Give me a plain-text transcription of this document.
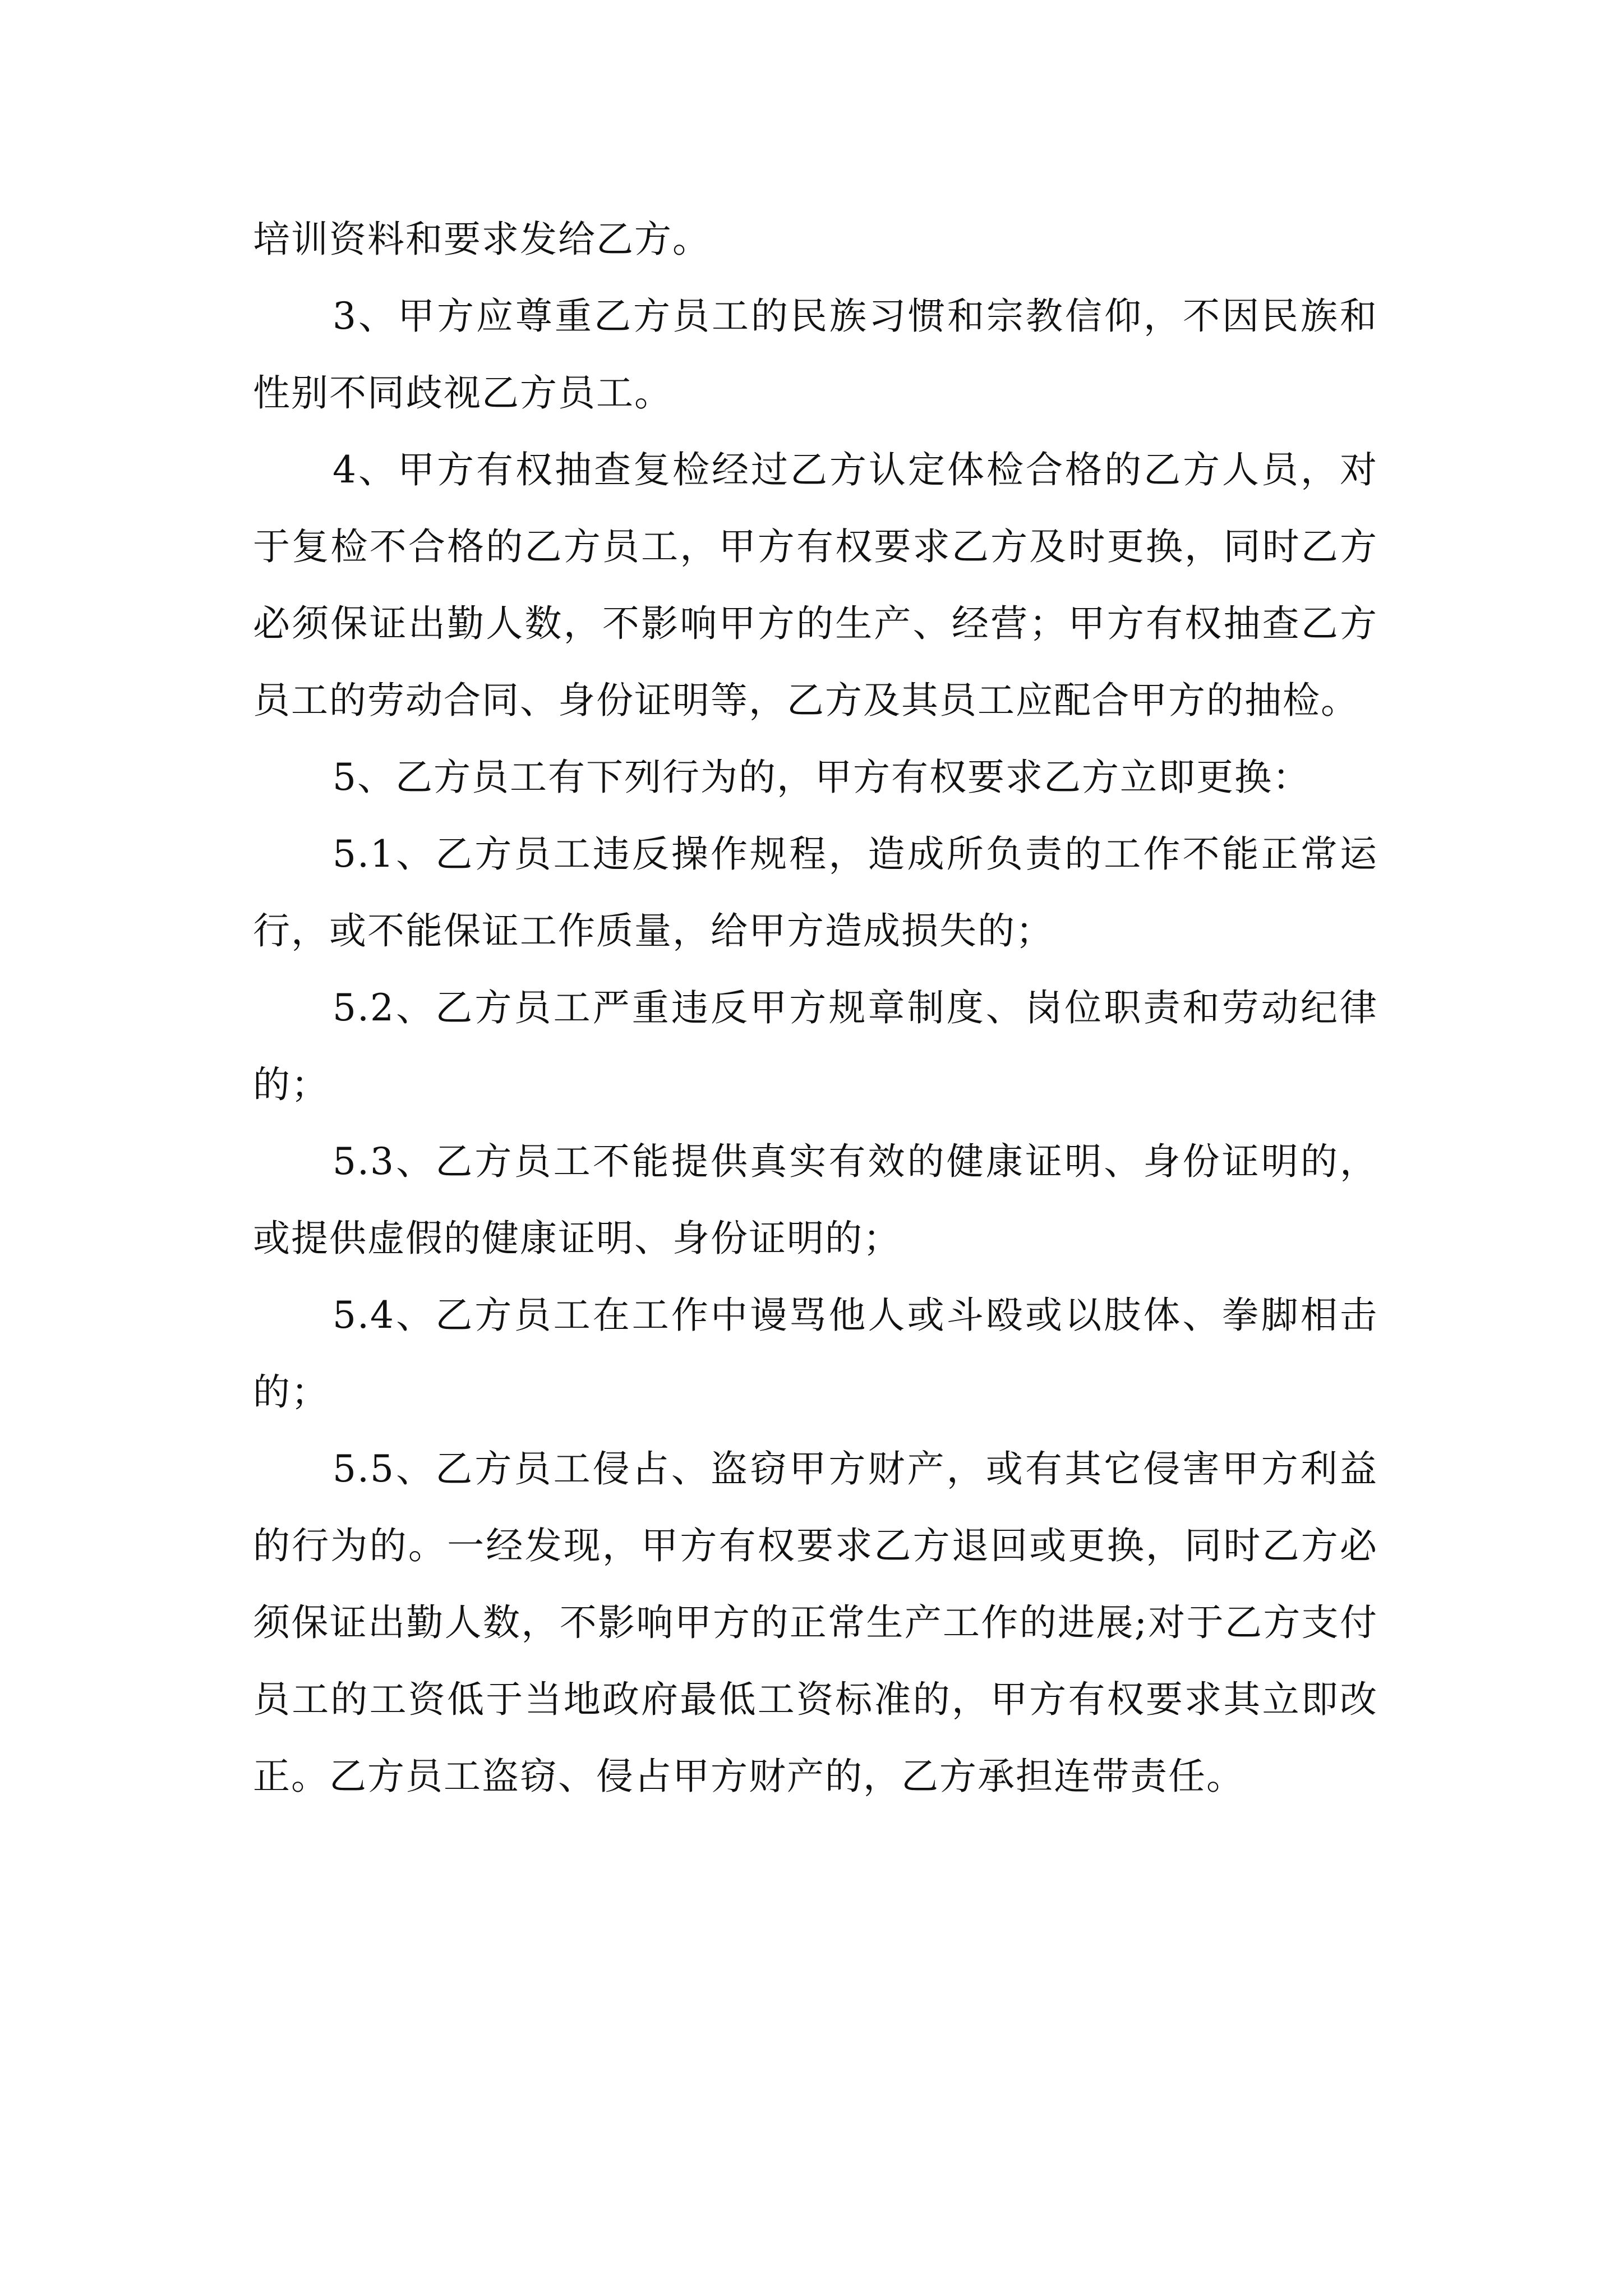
培训资料和要求发给乙方。

3、甲方应尊重乙方员工的民族习惯和宗教信仰，不因民族和性别不同歧视乙方员工。

4、甲方有权抽查复检经过乙方认定体检合格的乙方人员，对于复检不合格的乙方员工，甲方有权要求乙方及时更换，同时乙方必须保证出勤人数，不影响甲方的生产、经营；甲方有权抽查乙方员工的劳动合同、身份证明等，乙方及其员工应配合甲方的抽检。

5、乙方员工有下列行为的，甲方有权要求乙方立即更换：

5.1、乙方员工违反操作规程，造成所负责的工作不能正常运行，或不能保证工作质量，给甲方造成损失的；

5.2、乙方员工严重违反甲方规章制度、岗位职责和劳动纪律的；

5.3、乙方员工不能提供真实有效的健康证明、身份证明的，或提供虚假的健康证明、身份证明的；

5.4、乙方员工在工作中谩骂他人或斗殴或以肢体、拳脚相击的；

5.5、乙方员工侵占、盗窃甲方财产，或有其它侵害甲方利益的行为的。一经发现，甲方有权要求乙方退回或更换，同时乙方必须保证出勤人数，不影响甲方的正常生产工作的进展;对于乙方支付员工的工资低于当地政府最低工资标准的，甲方有权要求其立即改正。乙方员工盗窃、侵占甲方财产的，乙方承担连带责任。
